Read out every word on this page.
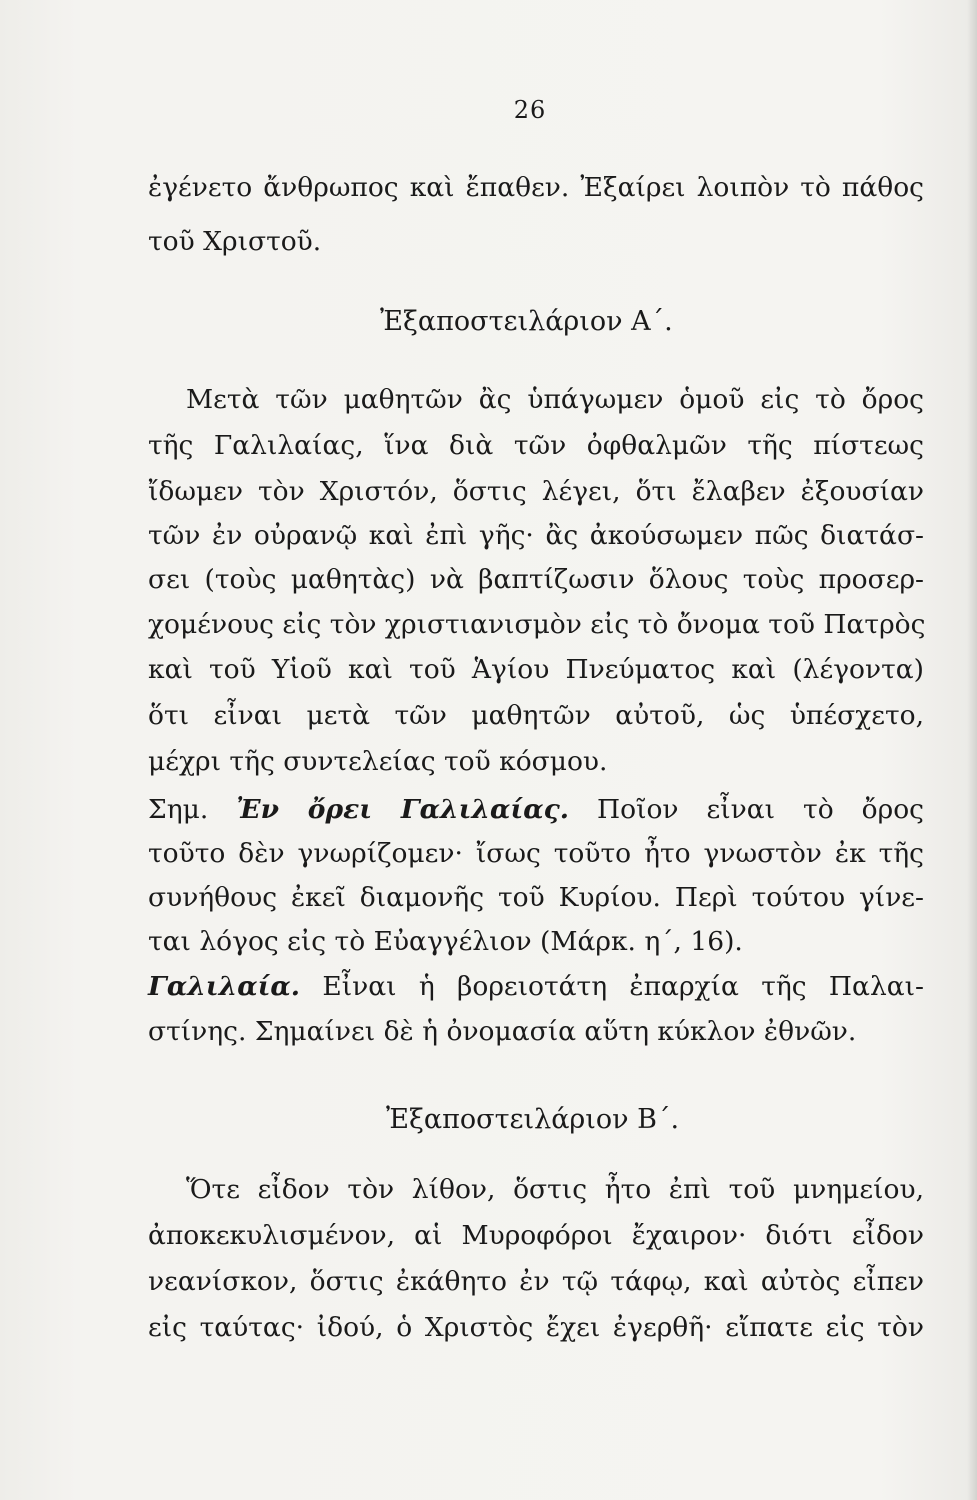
26
ἐγένετο ἄνθρωπος καὶ ἔπαθεν. Ἐξαίρει λοιπὸν τὸ πάθος
τοῦ Χριστοῦ.
Ἐξαποστειλάριον Α΄.
Μετὰ τῶν μαθητῶν ἂς ὑπάγωμεν ὁμοῦ εἰς τὸ ὄρος
τῆς Γαλιλαίας, ἵνα διὰ τῶν ὀφθαλμῶν τῆς πίστεως
ἴδωμεν τὸν Χριστόν, ὅστις λέγει, ὅτι ἔλαβεν ἐξουσίαν
τῶν ἐν οὐρανῷ καὶ ἐπὶ γῆς· ἂς ἀκούσωμεν πῶς διατάσ-
σει (τοὺς μαθητὰς) νὰ βαπτίζωσιν ὅλους τοὺς προσερ-
χομένους εἰς τὸν χριστιανισμὸν εἰς τὸ ὄνομα τοῦ Πατρὸς
καὶ τοῦ Υἱοῦ καὶ τοῦ Ἁγίου Πνεύματος καὶ (λέγοντα)
ὅτι εἶναι μετὰ τῶν μαθητῶν αὐτοῦ, ὡς ὑπέσχετο,
μέχρι τῆς συντελείας τοῦ κόσμου.
Σημ. Ἐν ὄρει Γαλιλαίας. Ποῖον εἶναι τὸ ὄρος
τοῦτο δὲν γνωρίζομεν· ἴσως τοῦτο ἦτο γνωστὸν ἐκ τῆς
συνήθους ἐκεῖ διαμονῆς τοῦ Κυρίου. Περὶ τούτου γίνε-
ται λόγος εἰς τὸ Εὐαγγέλιον (Μάρκ. η΄, 16).
Γαλιλαία. Εἶναι ἡ βορειοτάτη ἐπαρχία τῆς Παλαι-
στίνης. Σημαίνει δὲ ἡ ὀνομασία αὕτη κύκλον ἐθνῶν.
Ἐξαποστειλάριον Β΄.
Ὅτε εἶδον τὸν λίθον, ὅστις ἦτο ἐπὶ τοῦ μνημείου,
ἀποκεκυλισμένον, αἱ Μυροφόροι ἔχαιρον· διότι εἶδον
νεανίσκον, ὅστις ἐκάθητο ἐν τῷ τάφῳ, καὶ αὐτὸς εἶπεν
εἰς ταύτας· ἰδού, ὁ Χριστὸς ἔχει ἐγερθῆ· εἴπατε εἰς τὸν
